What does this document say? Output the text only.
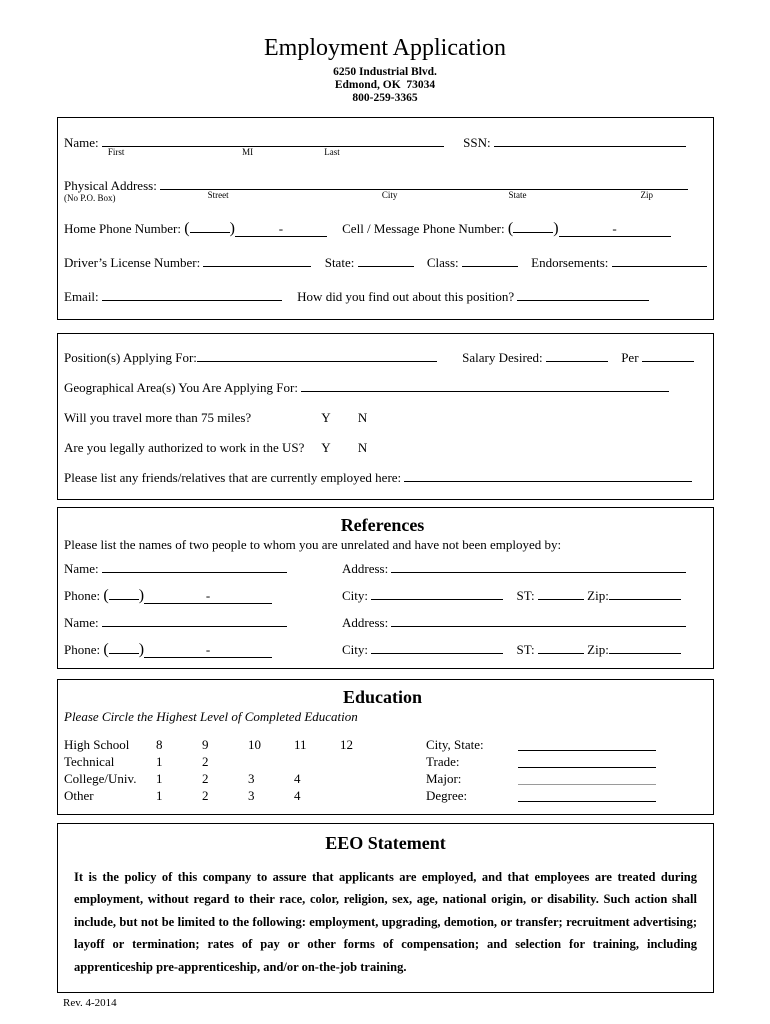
Employment Application
6250 Industrial Blvd.
Edmond, OK  73034
800-259-3365
Name:
First	MI	Last
SSN:
Physical Address:
(No P.O. Box)
	Street	City	State	Zip
Home Phone Number: (	)	-	Cell / Message Phone Number: (	)	-
Driver’s License Number:	State:	Class:	Endorsements:
Email:	How did you find out about this position?
Position(s) Applying For:	Salary Desired:	Per
Geographical Area(s) You Are Applying For:
Will you travel more than 75 miles?	Y N
Are you legally authorized to work in the US? Y N
Please list any friends/relatives that are currently employed here:
References
Please list the names of two people to whom you are unrelated and have not been employed by:
Name:	Address:
Phone: ( )	-	City:	ST:	Zip:
Name:	Address:
Phone: ( )	-	City:	ST:	Zip:
Education
Please Circle the Highest Level of Completed Education
High School	8	9	10	11	12	City, State:
Technical	1	2	Trade:
College/Univ.	1	2	3	4	Major:
Other	1	2	3	4	Degree:
EEO Statement
It is the policy of this company to assure that applicants are employed, and that employees are treated during employment, without regard to their race, color, religion, sex, age, national origin, or disability. Such action shall include, but not be limited to the following: employment, upgrading, demotion, or transfer; recruitment advertising; layoff or termination; rates of pay or other forms of compensation; and selection for training, including apprenticeship pre-apprenticeship, and/or on-the-job training.
Rev. 4-2014
